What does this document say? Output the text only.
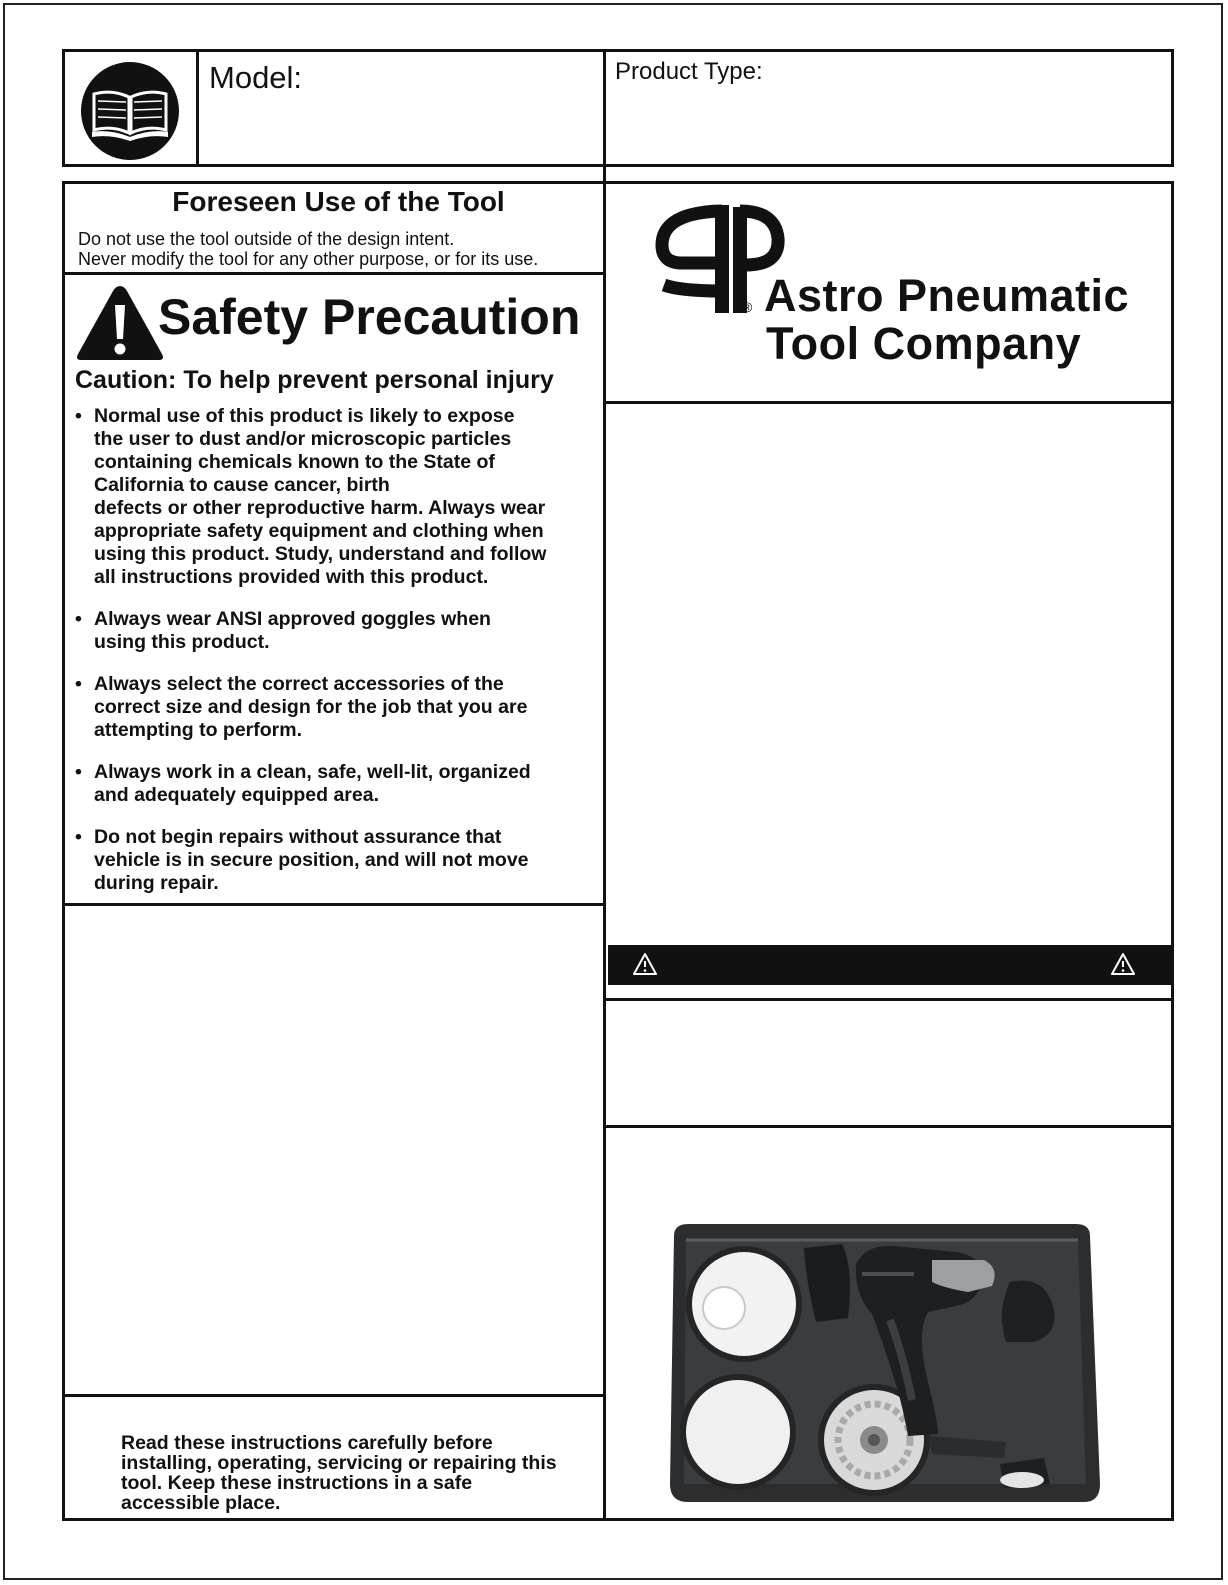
Model:	Product Type:
Foreseen Use of the Tool
Do not use the tool outside of the design intent.
Never modify the tool for any other purpose, or for its use.
Safety Precaution
Caution: To help prevent personal injury
• Normal use of this product is likely to expose
the user to dust and/or microscopic particles
containing chemicals known to the State of
California to cause cancer, birth
defects or other reproductive harm. Always wear
appropriate safety equipment and clothing when
using this product. Study, understand and follow
all instructions provided with this product.
• Always wear ANSI approved goggles when
using this product.
• Always select the correct accessories of the
correct size and design for the job that you are
attempting to perform.
• Always work in a clean, safe, well-lit, organized
and adequately equipped area.
• Do not begin repairs without assurance that
vehicle is in secure position, and will not move
during repair.
® Astro Pneumatic
Tool Company
Read these instructions carefully before
installing, operating, servicing or repairing this
tool. Keep these instructions in a safe
accessible place.
